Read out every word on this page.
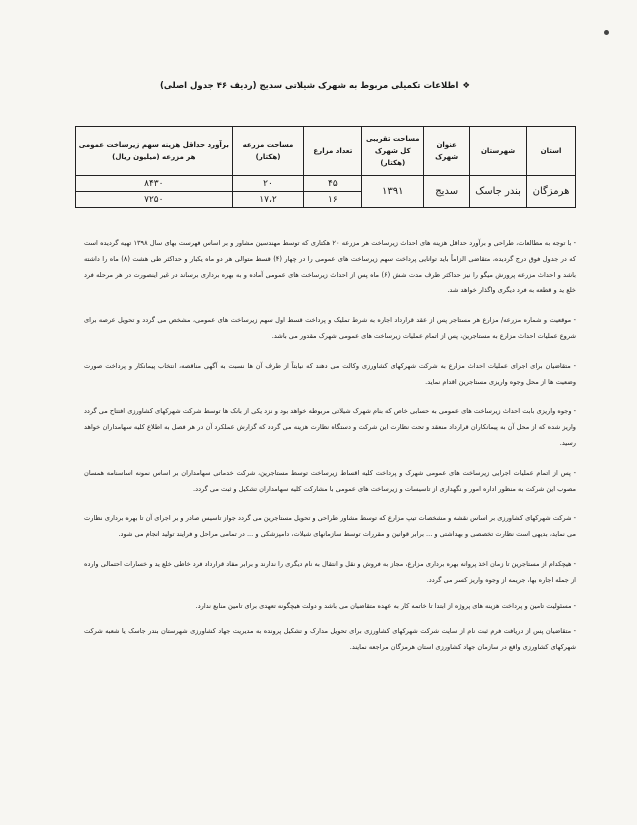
❖اطلاعات تکمیلی مربوط به شهرک شیلاتی سدیج (ردیف ۴۶ جدول اصلی)
استان	شهرستان	عنوان شهرک	مساحت تقریبی کل شهرک (هکتار)	تعداد مزارع	مساحت مزرعه (هکتار)	برآورد حداقل هزینه سهم زیرساخت عمومی هر مزرعه (میلیون ریال)
هرمزگان	بندر جاسک	سدیج	۱۳۹۱	۴۵	۲۰	۸۴۳۰
				۱۶	۱۷،۲	۷۲۵۰

- با توجه به مطالعات، طراحی و برآورد حداقل هزینه های احداث زیرساخت هر مزرعه ۲۰ هکتاری که توسط مهندسین مشاور و بر اساس فهرست بهای سال ۱۳۹۸ تهیه گردیده است که در جدول فوق درج گردیده، متقاضی الزاماً باید توانایی پرداخت سهم زیرساخت های عمومی را در چهار (۴) قسط متوالی هر دو ماه یکبار و حداکثر طی هشت (۸) ماه را داشته باشد و احداث مزرعه پرورش میگو را نیز حداکثر ظرف مدت شش (۶) ماه پس از احداث زیرساخت های عمومی آماده و به بهره برداری برساند در غیر اینصورت در هر مرحله فرد خلع ید و قطعه به فرد دیگری واگذار خواهد شد.

- موقعیت و شماره مزرعه/ مزارع هر مستاجر پس از عقد قرارداد اجاره به شرط تملیک و پرداخت قسط اول سهم زیرساخت های عمومی، مشخص می گردد و تحویل عرصه برای شروع عملیات احداث مزارع به مستاجرین، پس از اتمام عملیات زیرساخت های عمومی شهرک مقدور می باشد.

- متقاضیان برای اجرای عملیات احداث مزارع به شرکت شهرکهای کشاورزی وکالت می دهند که نیابتاً از طرف آن ها نسبت به آگهی مناقصه، انتخاب پیمانکار و پرداخت صورت وضعیت ها از محل وجوه واریزی مستاجرین اقدام نماید.

- وجوه واریزی بابت احداث زیرساخت های عمومی به حسابی خاص که بنام شهرک شیلاتی مربوطه خواهد بود و نزد یکی از بانک ها توسط شرکت شهرکهای کشاورزی افتتاح می گردد واریز شده که از محل آن به پیمانکاران قرارداد منعقد و تحت نظارت این شرکت و دستگاه نظارت هزینه می گردد که گزارش عملکرد آن در هر فصل به اطلاع کلیه سهامداران خواهد رسید.

- پس از اتمام عملیات اجرایی زیرساخت های عمومی شهرک و پرداخت کلیه اقساط زیرساخت توسط مستاجرین، شرکت خدماتی سهامداران بر اساس نمونه اساسنامه همسان مصوب این شرکت به منظور اداره امور و نگهداری از تاسیسات و زیرساخت های عمومی با مشارکت کلیه سهامداران تشکیل و ثبت می گردد.

- شرکت شهرکهای کشاورزی بر اساس نقشه و مشخصات تیپ مزارع که توسط مشاور طراحی و تحویل مستاجرین می گردد جواز تاسیس صادر و بر اجرای آن تا بهره برداری نظارت می نماید، بدیهی است نظارت تخصصی و بهداشتی و ... برابر قوانین و مقررات توسط سازمانهای شیلات، دامپزشکی و ... در تمامی مراحل و فرایند تولید انجام می شود.

- هیچکدام از مستاجرین تا زمان اخذ پروانه بهره برداری مزارع، مجاز به فروش و نقل و انتقال به نام دیگری را ندارند و برابر مفاد قرارداد فرد خاطی خلع ید و خسارات احتمالی وارده از جمله اجاره بها، جریمه از وجوه واریز کسر می گردد.

- مسئولیت تامین و پرداخت هزینه های پروژه از ابتدا تا خاتمه کار به عهده متقاضیان می باشد و دولت هیچگونه تعهدی برای تامین منابع ندارد.

- متقاضیان پس از دریافت فرم ثبت نام از سایت شرکت شهرکهای کشاورزی برای تحویل مدارک و تشکیل پرونده به مدیریت جهاد کشاورزی شهرستان بندر جاسک یا شعبه شرکت شهرکهای کشاورزی واقع در سازمان جهاد کشاورزی استان هرمزگان مراجعه نمایند.
